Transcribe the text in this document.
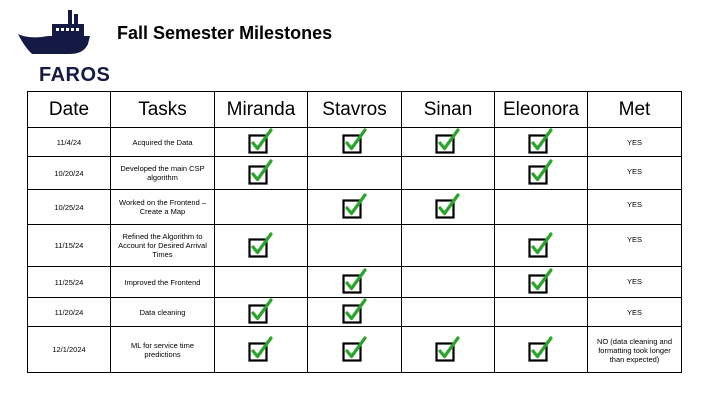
FAROS
Fall Semester Milestones
Date	Tasks	Miranda	Stavros	Sinan	Eleonora	Met
11/4/24	Acquired the Data					YES
10/20/24	Developed the main CSP algorithm					YES
10/25/24	Worked on the Frontend – Create a Map					YES
11/15/24	Refined the Algorithm to Account for Desired Arrival Times					YES
11/25/24	Improved the Frontend					YES
11/20/24	Data cleaning					YES
12/1/2024	ML for service time predictions					NO (data cleaning and formatting took longer than expected)
